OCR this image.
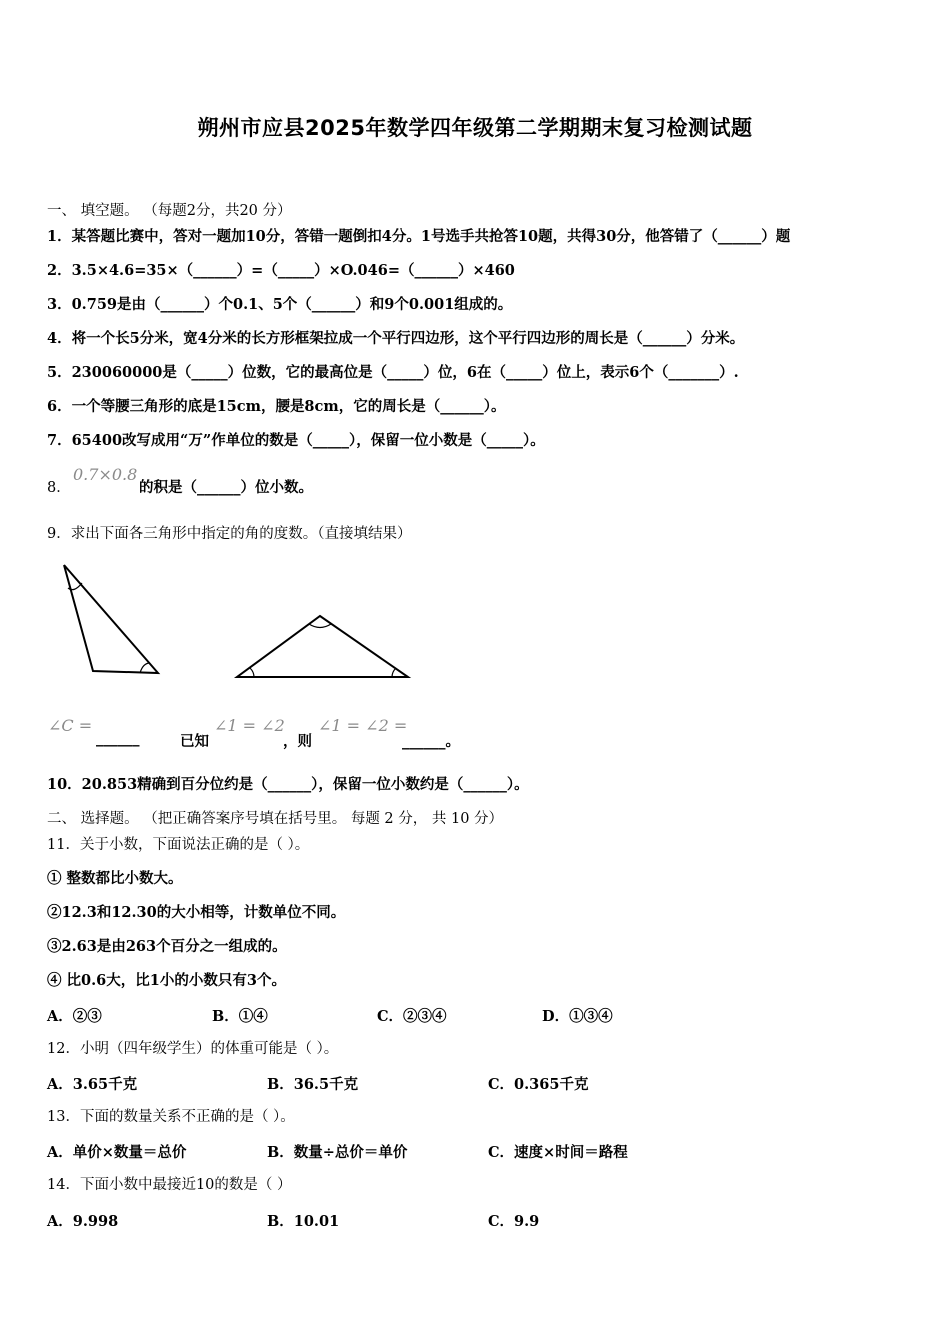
朔州市应县2025年数学四年级第二学期期末复习检测试题
一、 填空题。 （每题2分，共20 分）
1．某答题比赛中，答对一题加10分，答错一题倒扣4分。1号选手共抢答10题，共得30分，他答错了（______）题
2．3.5×4.6=35×（______）=（_____）×O.046=（______）×460
3．0.759是由（______）个0.1、5个（______）和9个0.001组成的。
4．将一个长5分米，宽4分米的长方形框架拉成一个平行四边形，这个平行四边形的周长是（______）分米。
5．230060000是（_____）位数，它的最高位是（_____）位，6在（_____）位上，表示6个（_______）.
6．一个等腰三角形的底是15cm，腰是8cm，它的周长是（______）。
7．65400改写成用“万”作单位的数是（_____），保留一位小数是（_____）。
8．
0.7×0.8
的积是（______）位小数。
9．求出下面各三角形中指定的角的度数。（直接填结果）
∠C =
______	已知
∠1 = ∠2
，则
∠1 = ∠2 =
______。
10．20.853精确到百分位约是（______），保留一位小数约是（______）。
二、 选择题。 （把正确答案序号填在括号里。 每题 2 分， 共 10 分）
11．关于小数，下面说法正确的是（ ）。
① 整数都比小数大。
②12.3和12.30的大小相等，计数单位不同。
③2.63是由263个百分之一组成的。
④ 比0.6大，比1小的小数只有3个。
A．②③	B．①④	C．②③④	D．①③④
12．小明（四年级学生）的体重可能是（ ）。
A．3.65千克	B．36.5千克	C．0.365千克
13．下面的数量关系不正确的是（ ）。
A．单价×数量＝总价	B．数量÷总价＝单价	C．速度×时间＝路程
14．下面小数中最接近10的数是（ ）
A．9.998	B．10.01	C．9.9
